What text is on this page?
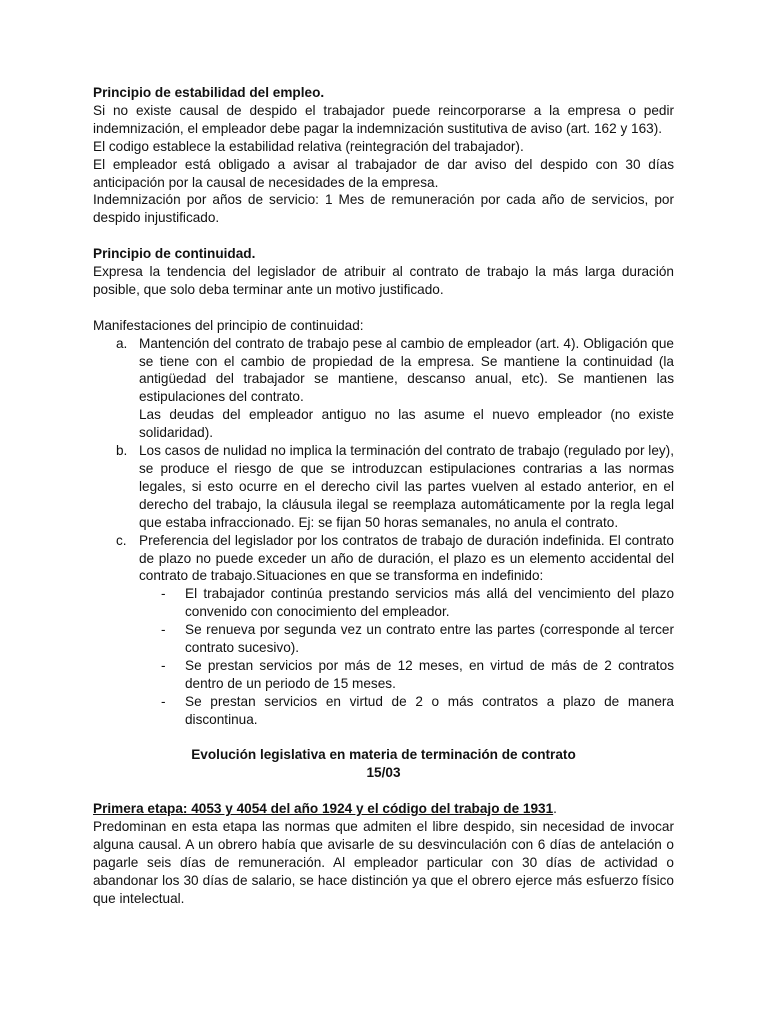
Principio de estabilidad del empleo.

Si no existe causal de despido el trabajador puede reincorporarse a la empresa o pedir indemnización, el empleador debe pagar la indemnización sustitutiva de aviso (art. 162 y 163).

El codigo establece la estabilidad relativa (reintegración del trabajador).

El empleador está obligado a avisar al trabajador de dar aviso del despido con 30 días anticipación por la causal de necesidades de la empresa.

Indemnización por años de servicio: 1 Mes de remuneración por cada año de servicios, por despido injustificado.

Principio de continuidad.

Expresa la tendencia del legislador de atribuir al contrato de trabajo la más larga duración posible, que solo deba terminar ante un motivo justificado.

Manifestaciones del principio de continuidad:

a. Mantención del contrato de trabajo pese al cambio de empleador (art. 4). Obligación que se tiene con el cambio de propiedad de la empresa. Se mantiene la continuidad (la antigüedad del trabajador se mantiene, descanso anual, etc). Se mantienen las estipulaciones del contrato.

Las deudas del empleador antiguo no las asume el nuevo empleador (no existe solidaridad).

b. Los casos de nulidad no implica la terminación del contrato de trabajo (regulado por ley), se produce el riesgo de que se introduzcan estipulaciones contrarias a las normas legales, si esto ocurre en el derecho civil las partes vuelven al estado anterior, en el derecho del trabajo, la cláusula ilegal se reemplaza automáticamente por la regla legal que estaba infraccionado. Ej: se fijan 50 horas semanales, no anula el contrato.

c. Preferencia del legislador por los contratos de trabajo de duración indefinida. El contrato de plazo no puede exceder un año de duración, el plazo es un elemento accidental del contrato de trabajo.Situaciones en que se transforma en indefinido:

- El trabajador continúa prestando servicios más allá del vencimiento del plazo convenido con conocimiento del empleador.

- Se renueva por segunda vez un contrato entre las partes (corresponde al tercer contrato sucesivo).

- Se prestan servicios por más de 12 meses, en virtud de más de 2 contratos dentro de un periodo de 15 meses.

- Se prestan servicios en virtud de 2 o más contratos a plazo de manera discontinua.

Evolución legislativa en materia de terminación de contrato

15/03

Primera etapa: 4053 y 4054 del año 1924 y el código del trabajo de 1931.

Predominan en esta etapa las normas que admiten el libre despido, sin necesidad de invocar alguna causal. A un obrero había que avisarle de su desvinculación con 6 días de antelación o pagarle seis días de remuneración. Al empleador particular con 30 días de actividad o abandonar los 30 días de salario, se hace distinción ya que el obrero ejerce más esfuerzo físico que intelectual.
